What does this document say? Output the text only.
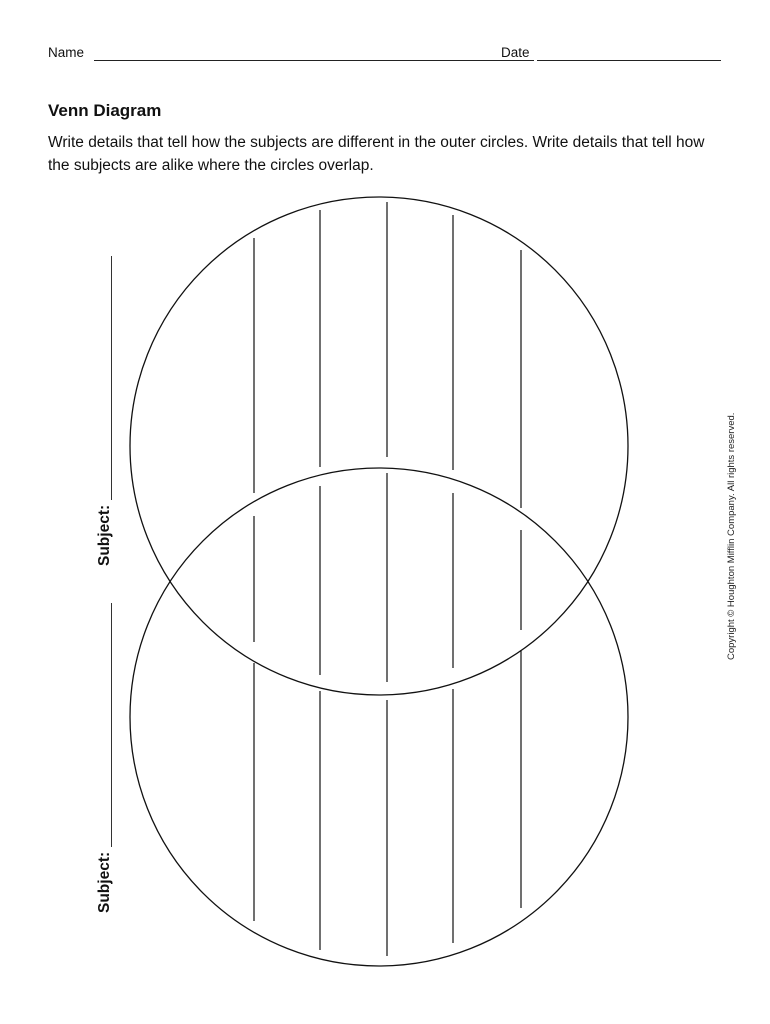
Name	Date
Venn Diagram

Write details that tell how the subjects are different in the outer circles. Write details that tell how the subjects are alike where the circles overlap.

Subject:
Subject:
Copyright © Houghton Mifflin Company. All rights reserved.
